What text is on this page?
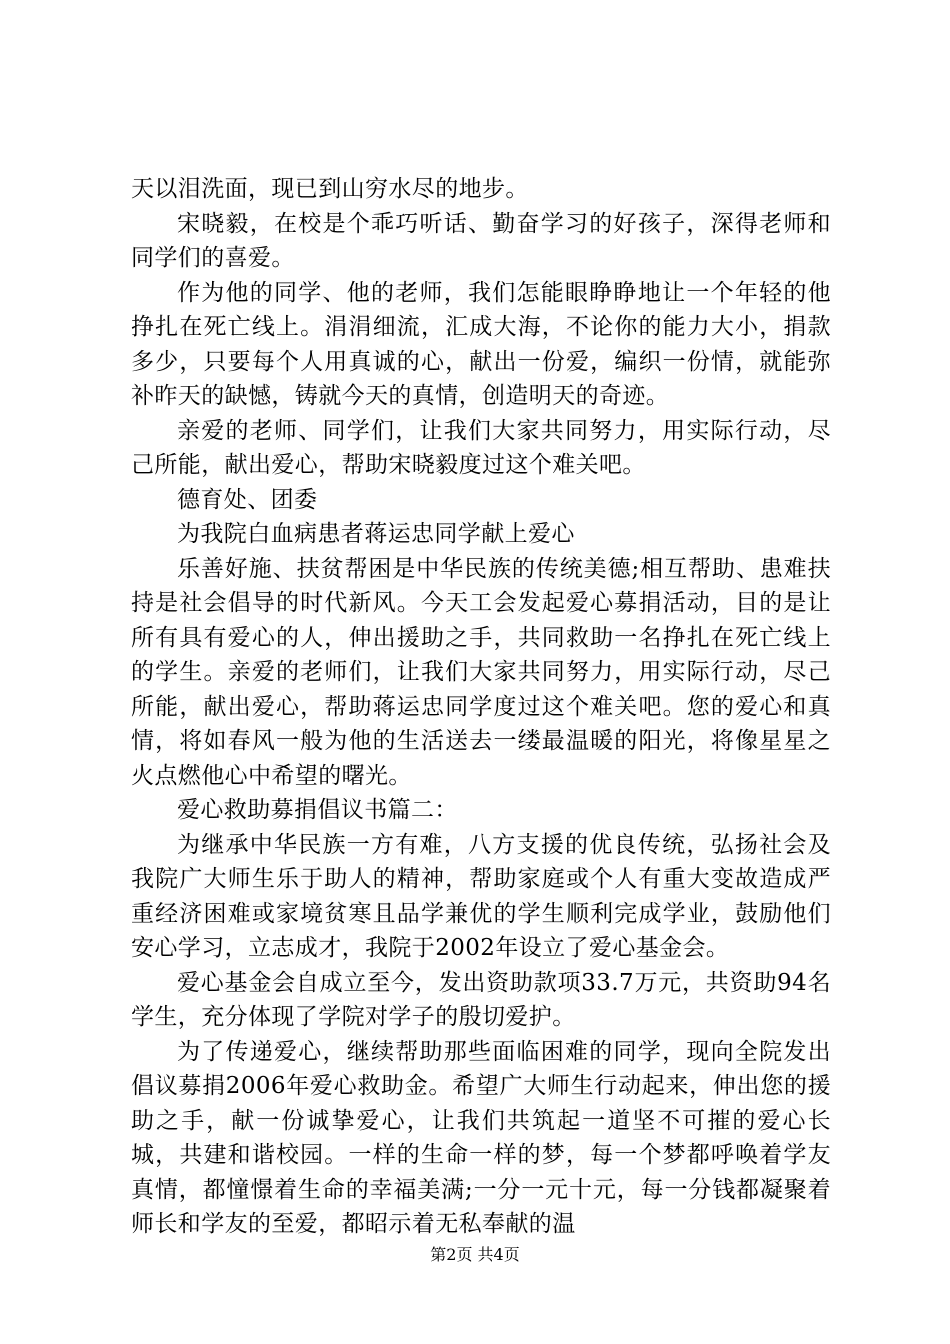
天以泪洗面，现已到山穷水尽的地步。

宋晓毅，在校是个乖巧听话、勤奋学习的好孩子，深得老师和同学们的喜爱。

作为他的同学、他的老师，我们怎能眼睁睁地让一个年轻的他挣扎在死亡线上。涓涓细流，汇成大海，不论你的能力大小，捐款多少，只要每个人用真诚的心，献出一份爱，编织一份情，就能弥补昨天的缺憾，铸就今天的真情，创造明天的奇迹。

亲爱的老师、同学们，让我们大家共同努力，用实际行动，尽己所能，献出爱心，帮助宋晓毅度过这个难关吧。

德育处、团委

为我院白血病患者蒋运忠同学献上爱心

乐善好施、扶贫帮困是中华民族的传统美德;相互帮助、患难扶持是社会倡导的时代新风。今天工会发起爱心募捐活动，目的是让所有具有爱心的人，伸出援助之手，共同救助一名挣扎在死亡线上的学生。亲爱的老师们，让我们大家共同努力，用实际行动，尽己所能，献出爱心，帮助蒋运忠同学度过这个难关吧。您的爱心和真情，将如春风一般为他的生活送去一缕最温暖的阳光，将像星星之火点燃他心中希望的曙光。

爱心救助募捐倡议书篇二：

为继承中华民族一方有难，八方支援的优良传统，弘扬社会及我院广大师生乐于助人的精神，帮助家庭或个人有重大变故造成严重经济困难或家境贫寒且品学兼优的学生顺利完成学业，鼓励他们安心学习，立志成才，我院于2002年设立了爱心基金会。

爱心基金会自成立至今，发出资助款项33.7万元，共资助94名学生，充分体现了学院对学子的殷切爱护。

为了传递爱心，继续帮助那些面临困难的同学，现向全院发出倡议募捐2006年爱心救助金。希望广大师生行动起来，伸出您的援助之手，献一份诚挚爱心，让我们共筑起一道坚不可摧的爱心长城，共建和谐校园。一样的生命一样的梦，每一个梦都呼唤着学友真情，都憧憬着生命的幸福美满;一分一元十元，每一分钱都凝聚着师长和学友的至爱，都昭示着无私奉献的温

第2页 共4页
